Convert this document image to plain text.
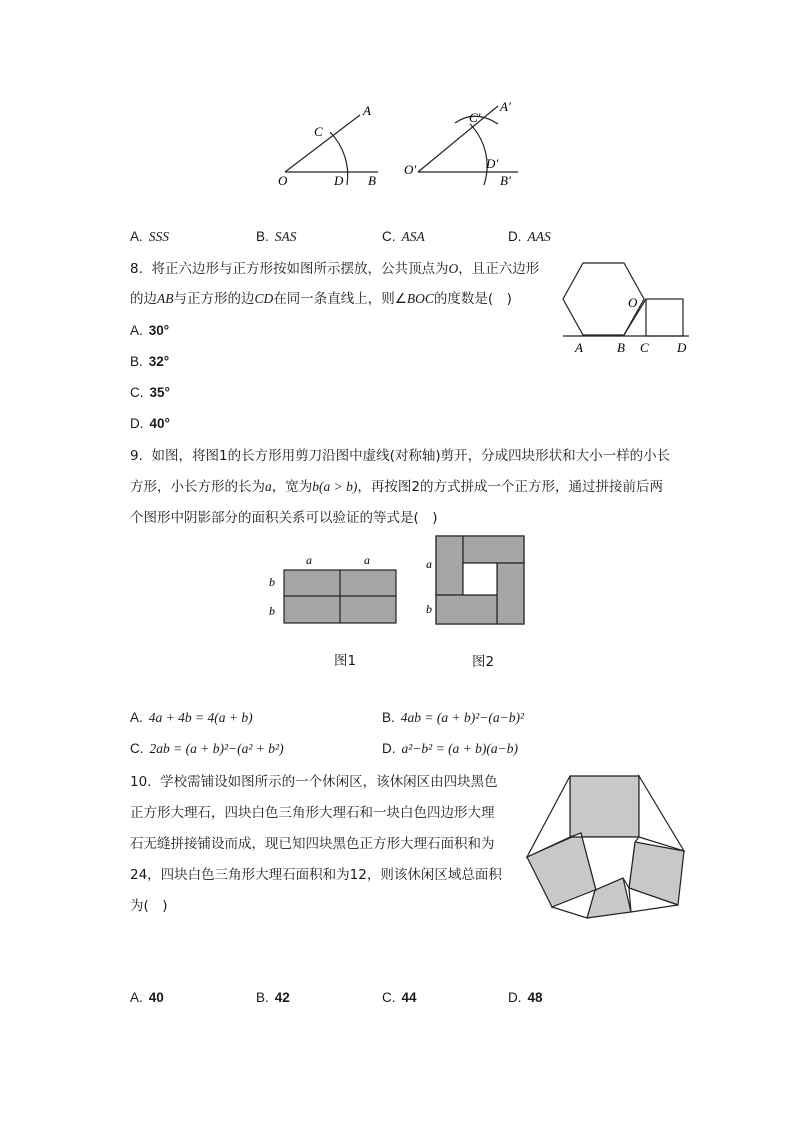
A
C
O	D B
A′
C′
O′	D′
B′
A. SSS	B. SAS	C. ASA	D. AAS
8. 将正六边形与正方形按如图所示摆放，公共顶点为O，且正六边形
的边AB与正方形的边CD在同一条直线上，则∠BOC的度数是(　)	O
A	B C D
A. 30°
B. 32°
C. 35°
D. 40°
9. 如图，将图1的长方形用剪刀沿图中虚线(对称轴)剪开，分成四块形状和大小一样的小长
方形，小长方形的长为a，宽为b(a > b)，再按图2的方式拼成一个正方形，通过拼接前后两
个图形中阴影部分的面积关系可以验证的等式是(　)
a	a
b
b
a
b
图1	图2
A. 4a + 4b = 4(a + b)	B. 4ab = (a + b)²−(a−b)²
C. 2ab = (a + b)²−(a² + b²)	D. a²−b² = (a + b)(a−b)
10. 学校需铺设如图所示的一个休闲区，该休闲区由四块黑色
正方形大理石，四块白色三角形大理石和一块白色四边形大理
石无缝拼接铺设而成，现已知四块黑色正方形大理石面积和为
24，四块白色三角形大理石面积和为12，则该休闲区域总面积
为(　)
A. 40	B. 42	C. 44	D. 48
